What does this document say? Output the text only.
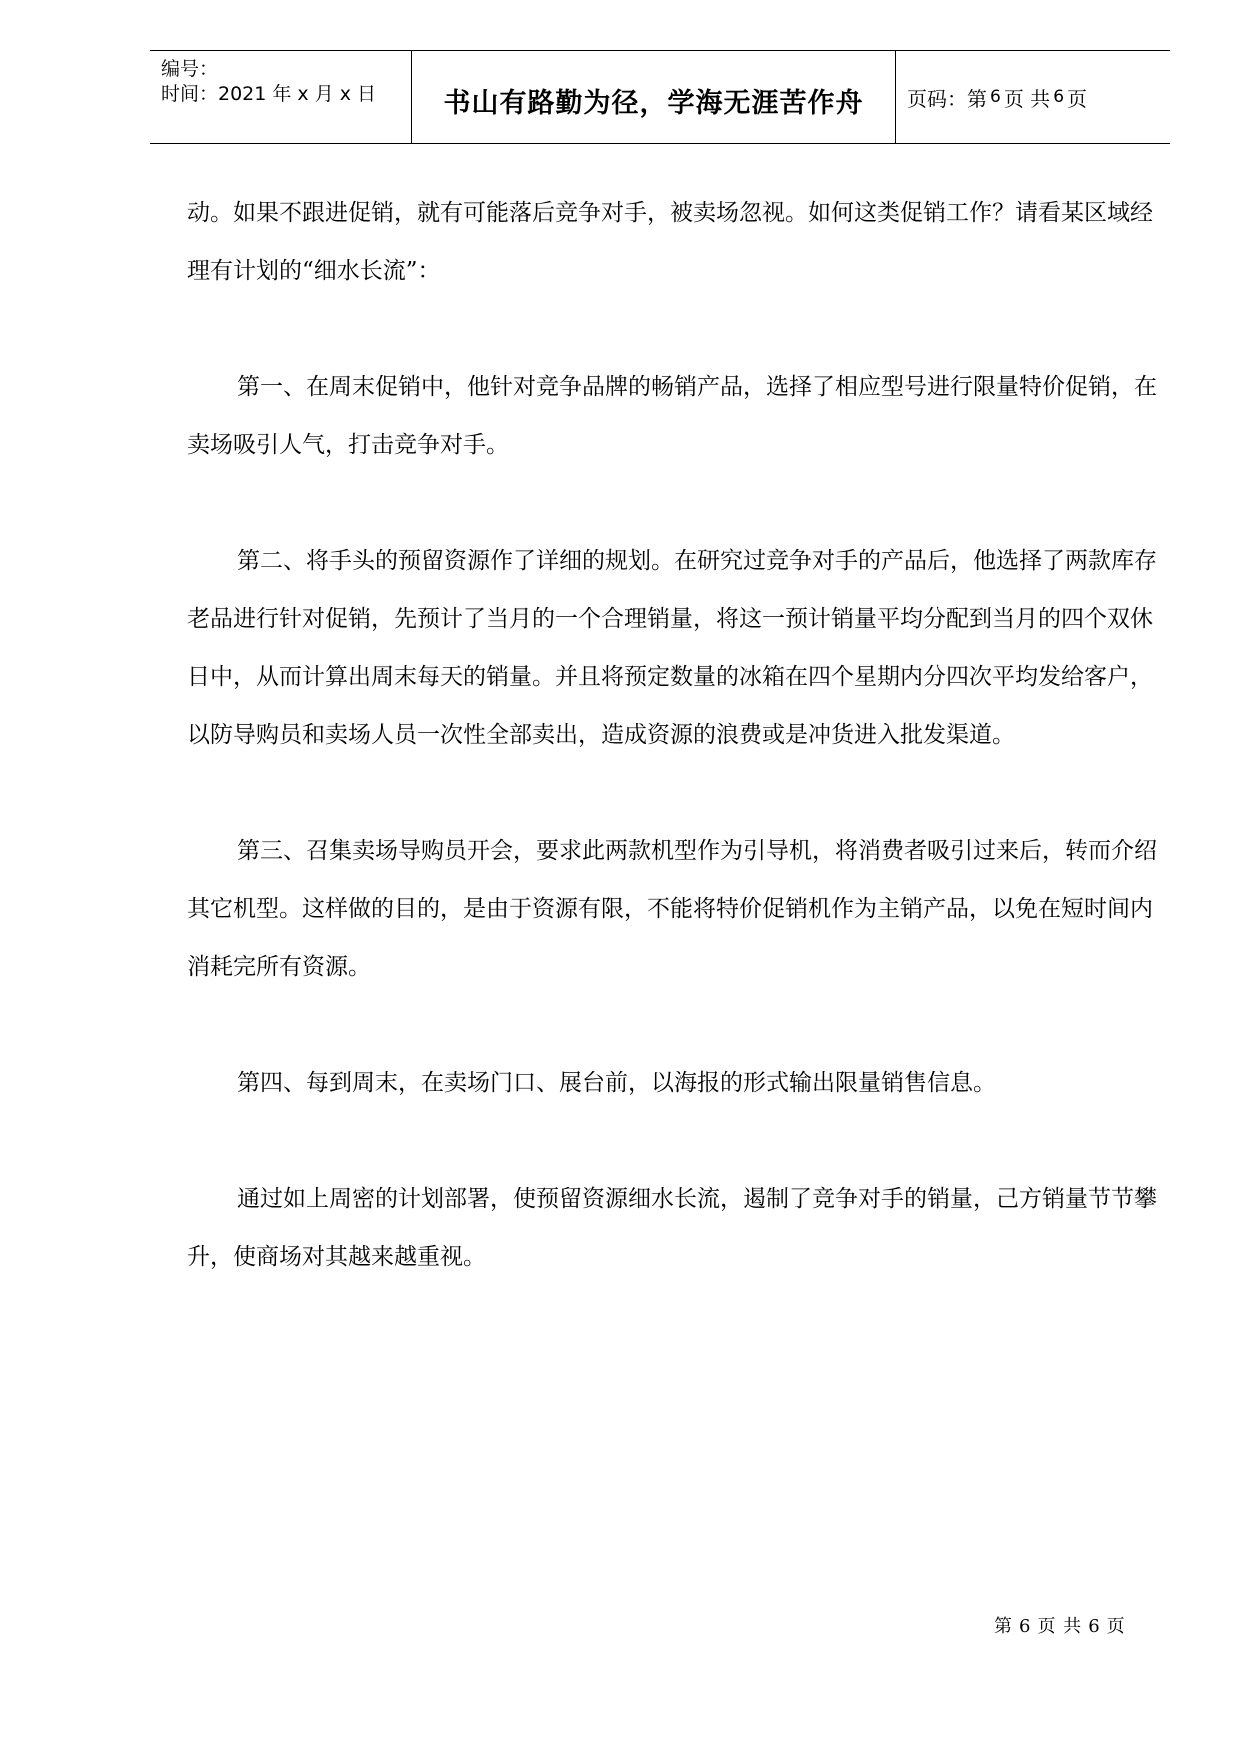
编号：
时间：2021 年 x 月 x 日	书山有路勤为径，学海无涯苦作舟 页码：第 6 页 共 6 页

动。如果不跟进促销，就有可能落后竞争对手，被卖场忽视。如何这类促销工作？请看某区域经理有计划的“细水长流”：

第一、在周末促销中，他针对竞争品牌的畅销产品，选择了相应型号进行限量特价促销，在卖场吸引人气，打击竞争对手。

第二、将手头的预留资源作了详细的规划。在研究过竞争对手的产品后，他选择了两款库存老品进行针对促销，先预计了当月的一个合理销量，将这一预计销量平均分配到当月的四个双休日中，从而计算出周末每天的销量。并且将预定数量的冰箱在四个星期内分四次平均发给客户，以防导购员和卖场人员一次性全部卖出，造成资源的浪费或是冲货进入批发渠道。

第三、召集卖场导购员开会，要求此两款机型作为引导机，将消费者吸引过来后，转而介绍其它机型。这样做的目的，是由于资源有限，不能将特价促销机作为主销产品，以免在短时间内消耗完所有资源。

第四、每到周末，在卖场门口、展台前，以海报的形式输出限量销售信息。

通过如上周密的计划部署，使预留资源细水长流，遏制了竞争对手的销量，己方销量节节攀升，使商场对其越来越重视。

第 6 页 共 6 页
